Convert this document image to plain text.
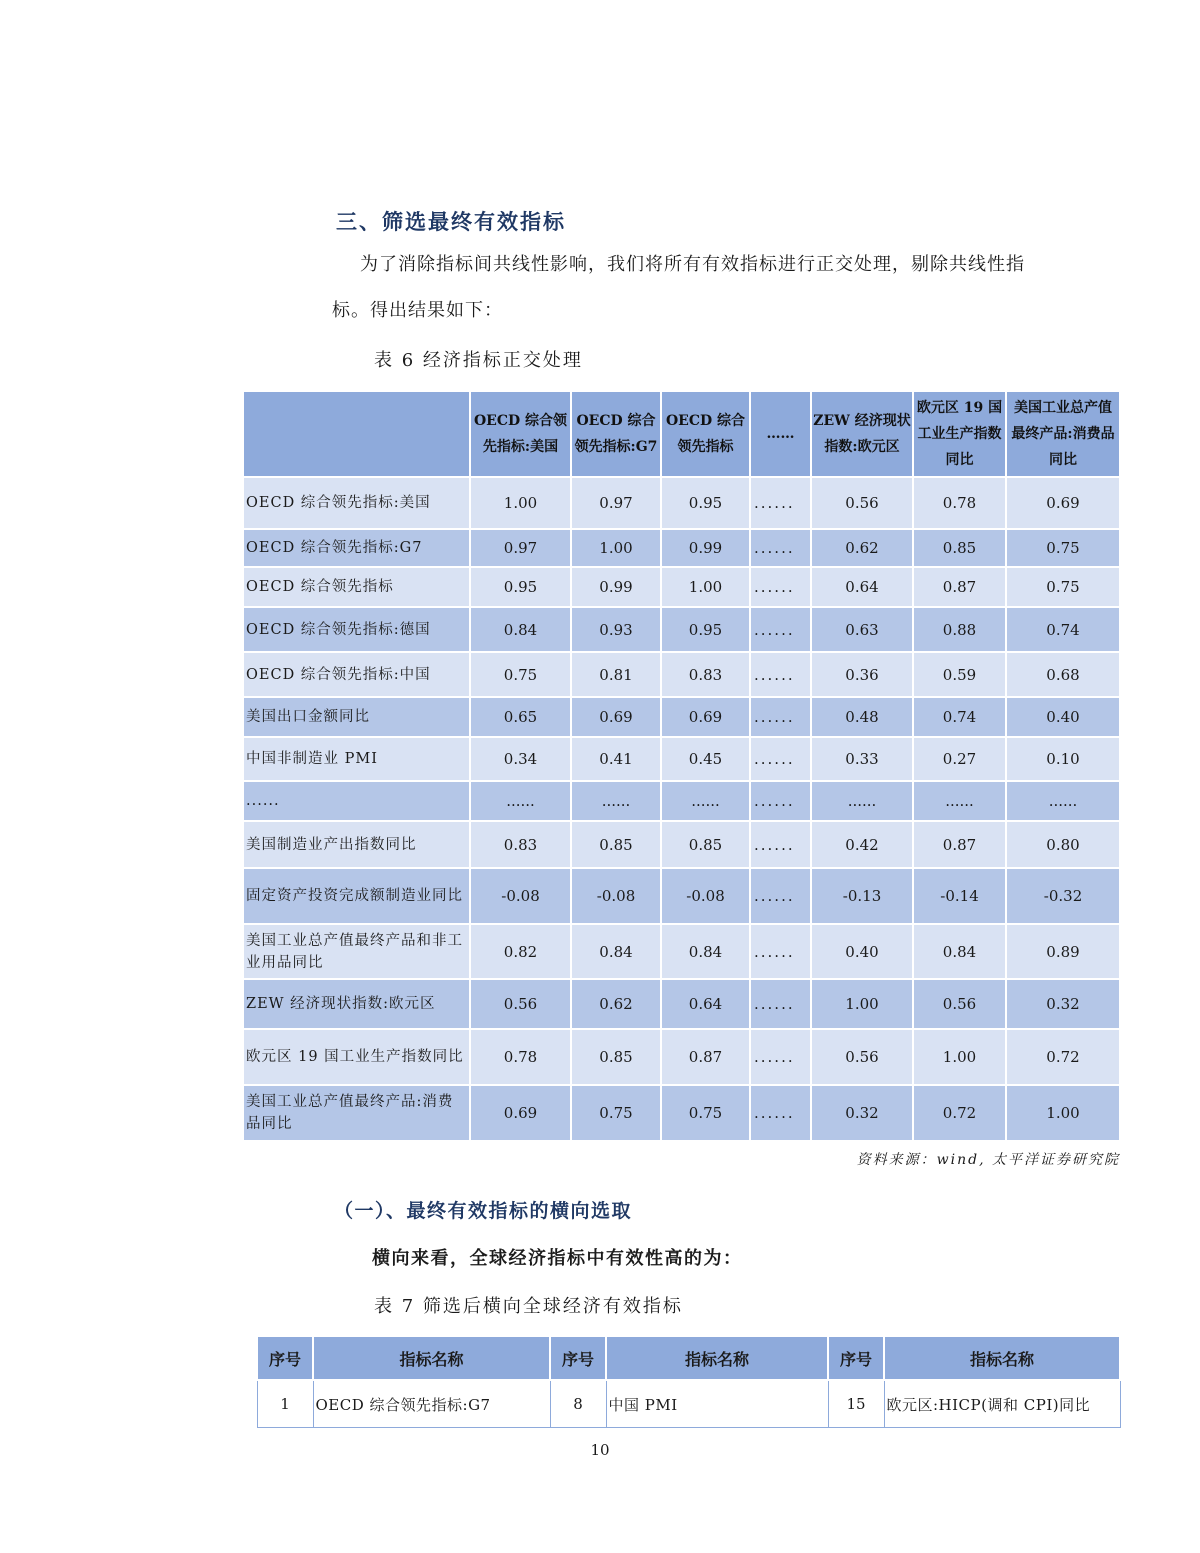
三、筛选最终有效指标
为了消除指标间共线性影响，我们将所有有效指标进行正交处理，剔除共线性指
标。得出结果如下：
表 6 经济指标正交处理
	OECD 综合领先指标:美国	OECD 综合领先指标:G7	OECD 综合领先指标	……	ZEW 经济现状指数:欧元区	欧元区 19 国工业生产指数同比	美国工业总产值最终产品:消费品同比
OECD 综合领先指标:美国	1.00	0.97	0.95	......	0.56	0.78	0.69
OECD 综合领先指标:G7	0.97	1.00	0.99	......	0.62	0.85	0.75
OECD 综合领先指标	0.95	0.99	1.00	......	0.64	0.87	0.75
OECD 综合领先指标:德国	0.84	0.93	0.95	......	0.63	0.88	0.74
OECD 综合领先指标:中国	0.75	0.81	0.83	......	0.36	0.59	0.68
美国出口金额同比	0.65	0.69	0.69	......	0.48	0.74	0.40
中国非制造业 PMI	0.34	0.41	0.45	......	0.33	0.27	0.10
......	......	......	......	......	......	......	......
美国制造业产出指数同比	0.83	0.85	0.85	......	0.42	0.87	0.80
固定资产投资完成额制造业同比	-0.08	-0.08	-0.08	......	-0.13	-0.14	-0.32
美国工业总产值最终产品和非工业用品同比	0.82	0.84	0.84	......	0.40	0.84	0.89
ZEW 经济现状指数:欧元区	0.56	0.62	0.64	......	1.00	0.56	0.32
欧元区 19 国工业生产指数同比	0.78	0.85	0.87	......	0.56	1.00	0.72
美国工业总产值最终产品:消费品同比	0.69	0.75	0.75	......	0.32	0.72	1.00
资料来源：wind, 太平洋证券研究院
（一）、最终有效指标的横向选取
横向来看，全球经济指标中有效性高的为：
表 7 筛选后横向全球经济有效指标
序号	指标名称	序号	指标名称	序号	指标名称
1	OECD 综合领先指标:G7	8	中国 PMI	15	欧元区:HICP(调和 CPI)同比
10
